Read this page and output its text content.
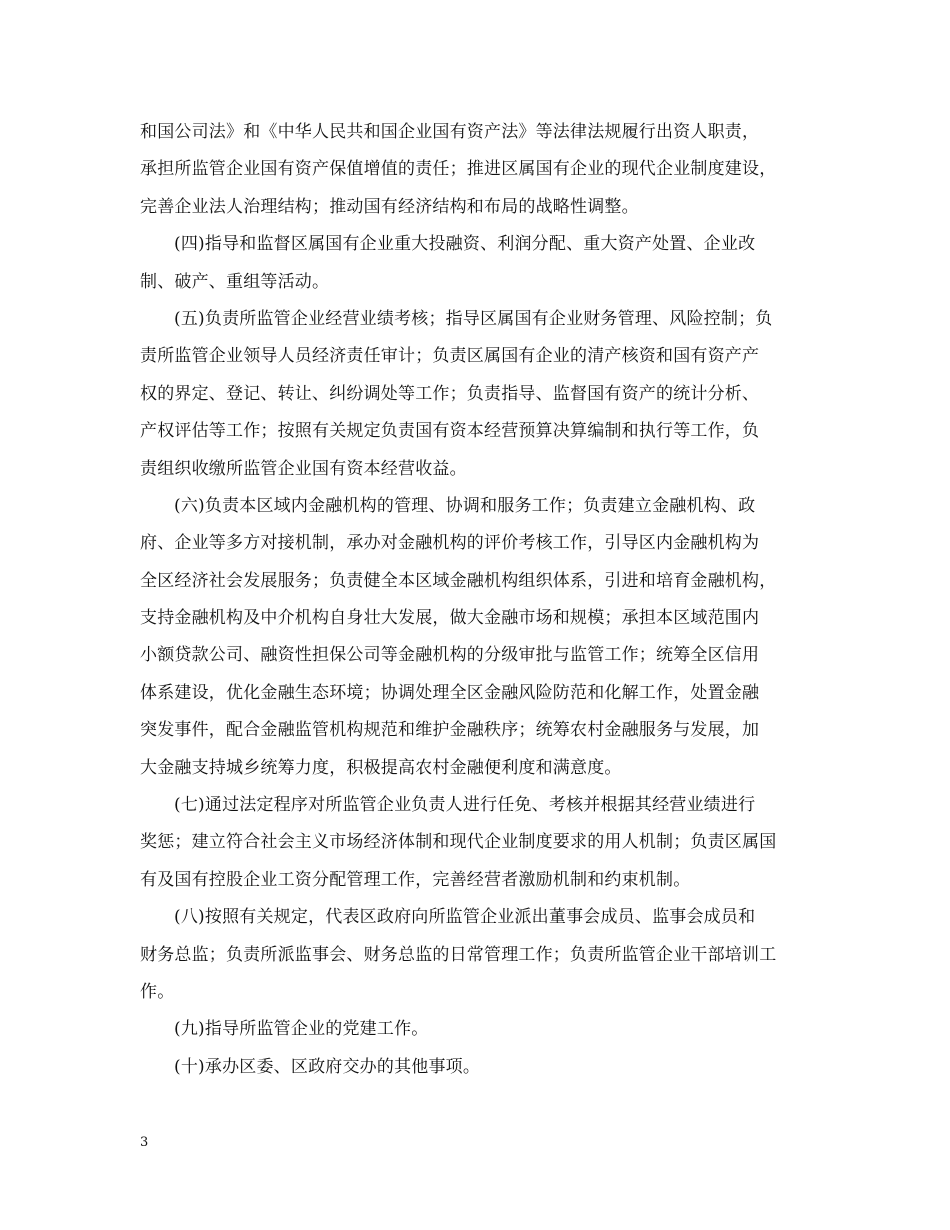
和国公司法》和《中华人民共和国企业国有资产法》等法律法规履行出资人职责，
承担所监管企业国有资产保值增值的责任；推进区属国有企业的现代企业制度建设，
完善企业法人治理结构；推动国有经济结构和布局的战略性调整。
(四)指导和监督区属国有企业重大投融资、利润分配、重大资产处置、企业改
制、破产、重组等活动。
(五)负责所监管企业经营业绩考核；指导区属国有企业财务管理、风险控制；负
责所监管企业领导人员经济责任审计；负责区属国有企业的清产核资和国有资产产
权的界定、登记、转让、纠纷调处等工作；负责指导、监督国有资产的统计分析、
产权评估等工作；按照有关规定负责国有资本经营预算决算编制和执行等工作，负
责组织收缴所监管企业国有资本经营收益。
(六)负责本区域内金融机构的管理、协调和服务工作；负责建立金融机构、政
府、企业等多方对接机制，承办对金融机构的评价考核工作，引导区内金融机构为
全区经济社会发展服务；负责健全本区域金融机构组织体系，引进和培育金融机构，
支持金融机构及中介机构自身壮大发展，做大金融市场和规模；承担本区域范围内
小额贷款公司、融资性担保公司等金融机构的分级审批与监管工作；统筹全区信用
体系建设，优化金融生态环境；协调处理全区金融风险防范和化解工作，处置金融
突发事件，配合金融监管机构规范和维护金融秩序；统筹农村金融服务与发展，加
大金融支持城乡统筹力度，积极提高农村金融便利度和满意度。
(七)通过法定程序对所监管企业负责人进行任免、考核并根据其经营业绩进行
奖惩；建立符合社会主义市场经济体制和现代企业制度要求的用人机制；负责区属国
有及国有控股企业工资分配管理工作，完善经营者激励机制和约束机制。
(八)按照有关规定，代表区政府向所监管企业派出董事会成员、监事会成员和
财务总监；负责所派监事会、财务总监的日常管理工作；负责所监管企业干部培训工
作。
(九)指导所监管企业的党建工作。
(十)承办区委、区政府交办的其他事项。
3
